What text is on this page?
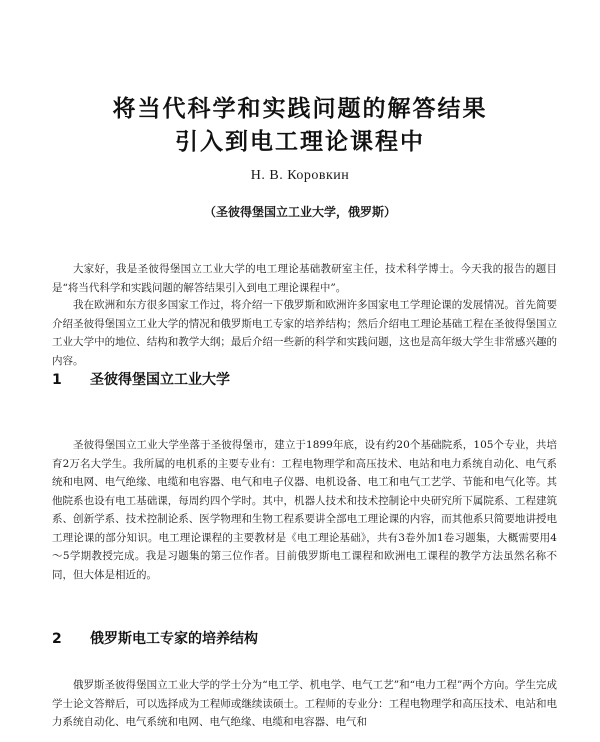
将当代科学和实践问题的解答结果
引入到电工理论课程中
Н. В. Коровкин
（圣彼得堡国立工业大学，俄罗斯）

大家好，我是圣彼得堡国立工业大学的电工理论基础教研室主任，技术科学博士。今天我的报告的题目是“将当代科学和实践问题的解答结果引入到电工理论课程中”。

我在欧洲和东方很多国家工作过，将介绍一下俄罗斯和欧洲许多国家电工学理论课的发展情况。首先简要介绍圣彼得堡国立工业大学的情况和俄罗斯电工专家的培养结构；然后介绍电工理论基础工程在圣彼得堡国立工业大学中的地位、结构和教学大纲；最后介绍一些新的科学和实践问题，这也是高年级大学生非常感兴趣的内容。

1 圣彼得堡国立工业大学

圣彼得堡国立工业大学坐落于圣彼得堡市，建立于1899年底，设有约20个基础院系，105个专业，共培育2万名大学生。我所属的电机系的主要专业有：工程电物理学和高压技术、电站和电力系统自动化、电气系统和电网、电气绝缘、电缆和电容器、电气和电子仪器、电机设备、电工和电气工艺学、节能和电气化等。其他院系也设有电工基础课，每周约四个学时。其中，机器人技术和技术控制论中央研究所下属院系、工程建筑系、创新学系、技术控制论系、医学物理和生物工程系要讲全部电工理论课的内容，而其他系只简要地讲授电工理论课的部分知识。电工理论课程的主要教材是《电工理论基础》，共有3卷外加1卷习题集，大概需要用4～5学期教授完成。我是习题集的第三位作者。目前俄罗斯电工课程和欧洲电工课程的教学方法虽然名称不同，但大体是相近的。

2 俄罗斯电工专家的培养结构

俄罗斯圣彼得堡国立工业大学的学士分为“电工学、机电学、电气工艺”和“电力工程”两个方向。学生完成学士论文答辩后，可以选择成为工程师或继续读硕士。工程师的专业分：工程电物理学和高压技术、电站和电力系统自动化、电气系统和电网、电气绝缘、电缆和电容器、电气和
